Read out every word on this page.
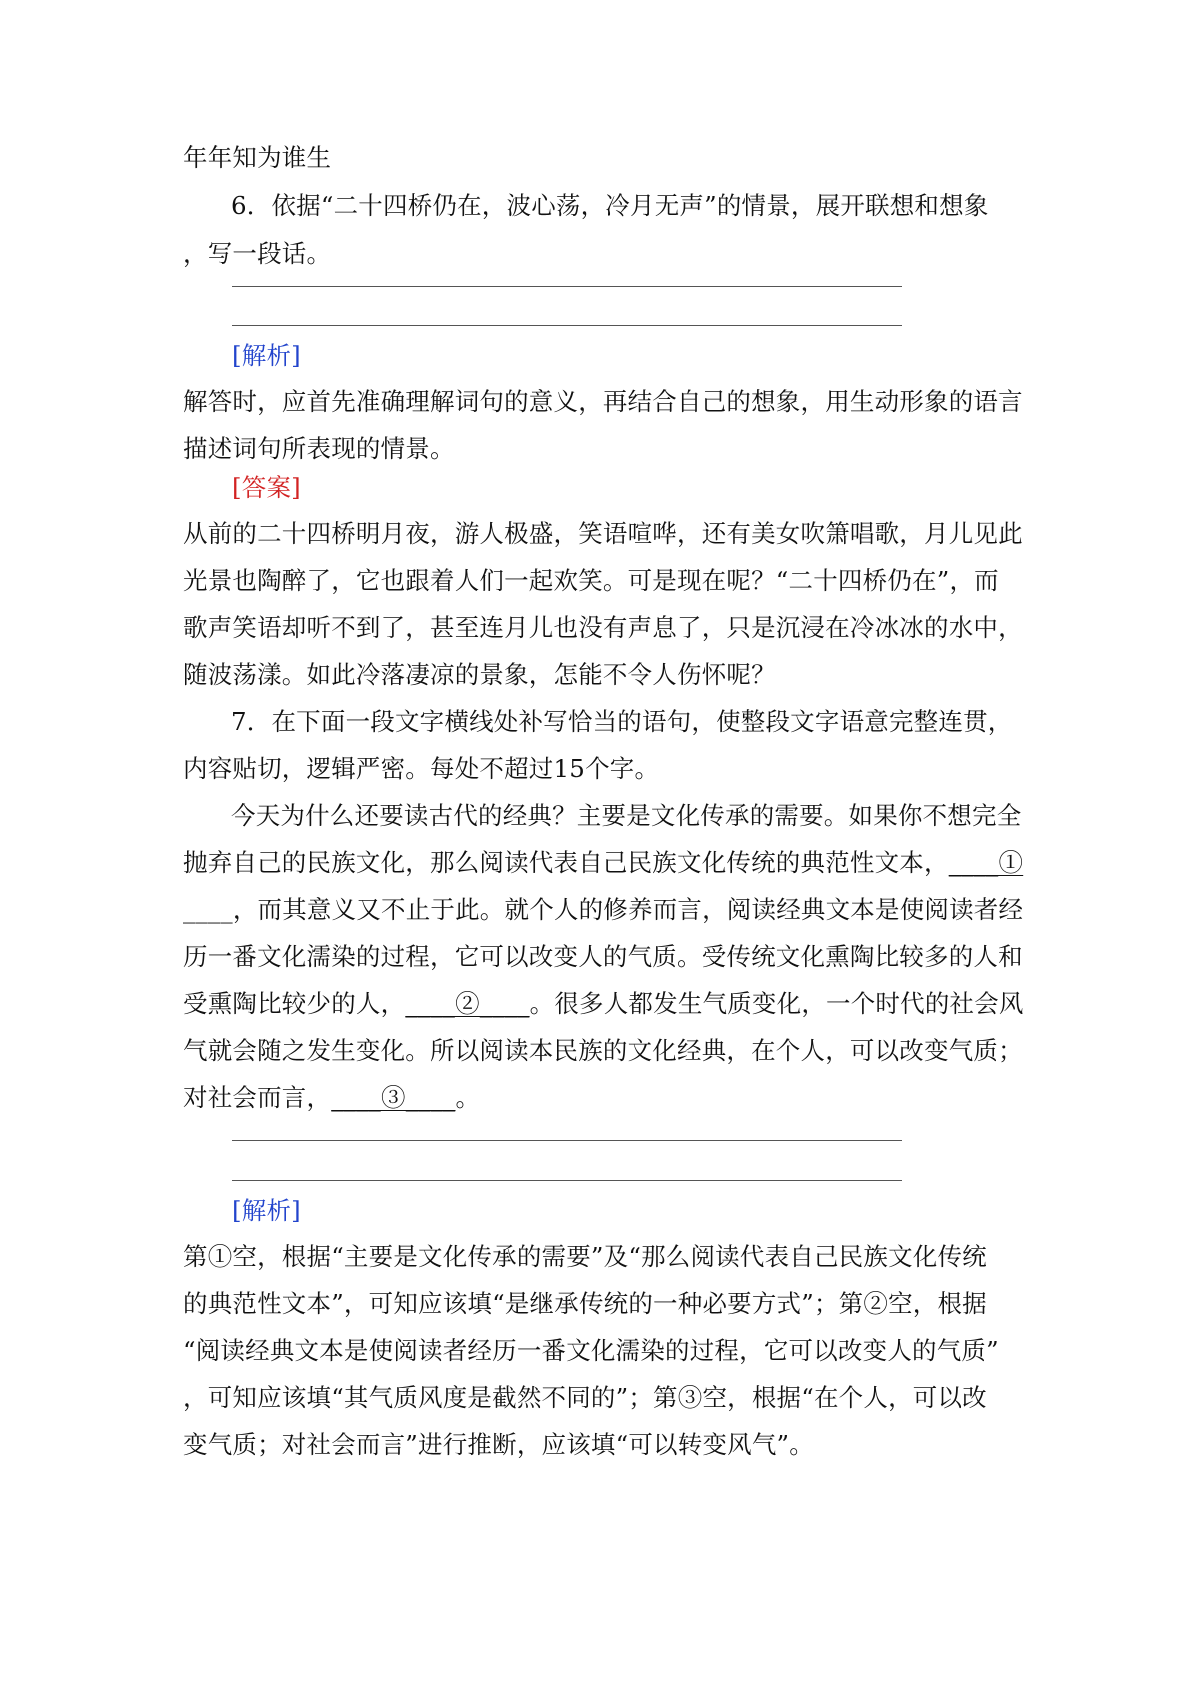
年年知为谁生
6．依据“二十四桥仍在，波心荡，冷月无声”的情景，展开联想和想象
，写一段话。
[解析]
解答时，应首先准确理解词句的意义，再结合自己的想象，用生动形象的语言
描述词句所表现的情景。
[答案]
从前的二十四桥明月夜，游人极盛，笑语喧哗，还有美女吹箫唱歌，月儿见此
光景也陶醉了，它也跟着人们一起欢笑。可是现在呢？“二十四桥仍在”，而
歌声笑语却听不到了，甚至连月儿也没有声息了，只是沉浸在冷冰冰的水中，
随波荡漾。如此冷落凄凉的景象，怎能不令人伤怀呢？
7．在下面一段文字横线处补写恰当的语句，使整段文字语意完整连贯，
内容贴切，逻辑严密。每处不超过15个字。
今天为什么还要读古代的经典？主要是文化传承的需要。如果你不想完全
抛弃自己的民族文化，那么阅读代表自己民族文化传统的典范性文本，____①
____，而其意义又不止于此。就个人的修养而言，阅读经典文本是使阅读者经
历一番文化濡染的过程，它可以改变人的气质。受传统文化熏陶比较多的人和
受熏陶比较少的人，____②____。很多人都发生气质变化，一个时代的社会风
气就会随之发生变化。所以阅读本民族的文化经典，在个人，可以改变气质；
对社会而言，____③____。
[解析]
第①空，根据“主要是文化传承的需要”及“那么阅读代表自己民族文化传统
的典范性文本”，可知应该填“是继承传统的一种必要方式”；第②空，根据
“阅读经典文本是使阅读者经历一番文化濡染的过程，它可以改变人的气质”
，可知应该填“其气质风度是截然不同的”；第③空，根据“在个人，可以改
变气质；对社会而言”进行推断，应该填“可以转变风气”。
